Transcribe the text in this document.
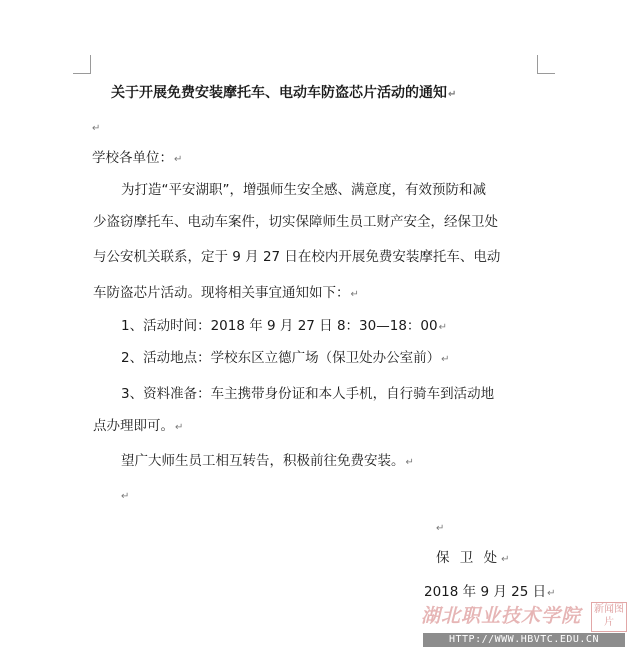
关于开展免费安装摩托车、电动车防盗芯片活动的通知↵
↵
学校各单位：↵
为打造“平安湖职”，增强师生安全感、满意度，有效预防和减
少盗窃摩托车、电动车案件，切实保障师生员工财产安全，经保卫处
与公安机关联系，定于 9 月 27 日在校内开展免费安装摩托车、电动
车防盗芯片活动。现将相关事宜通知如下：↵
1、活动时间：2018 年 9 月 27 日 8：30—18：00↵
2、活动地点：学校东区立德广场（保卫处办公室前）↵
3、资料准备：车主携带身份证和本人手机，自行骑车到活动地
点办理即可。↵
望广大师生员工相互转告，积极前往免费安装。↵
↵
↵
保 卫 处↵
2018 年 9 月 25 日↵
湖北职业技术学院	新闻图片
HTTP://WWW.HBVTC.EDU.CN
